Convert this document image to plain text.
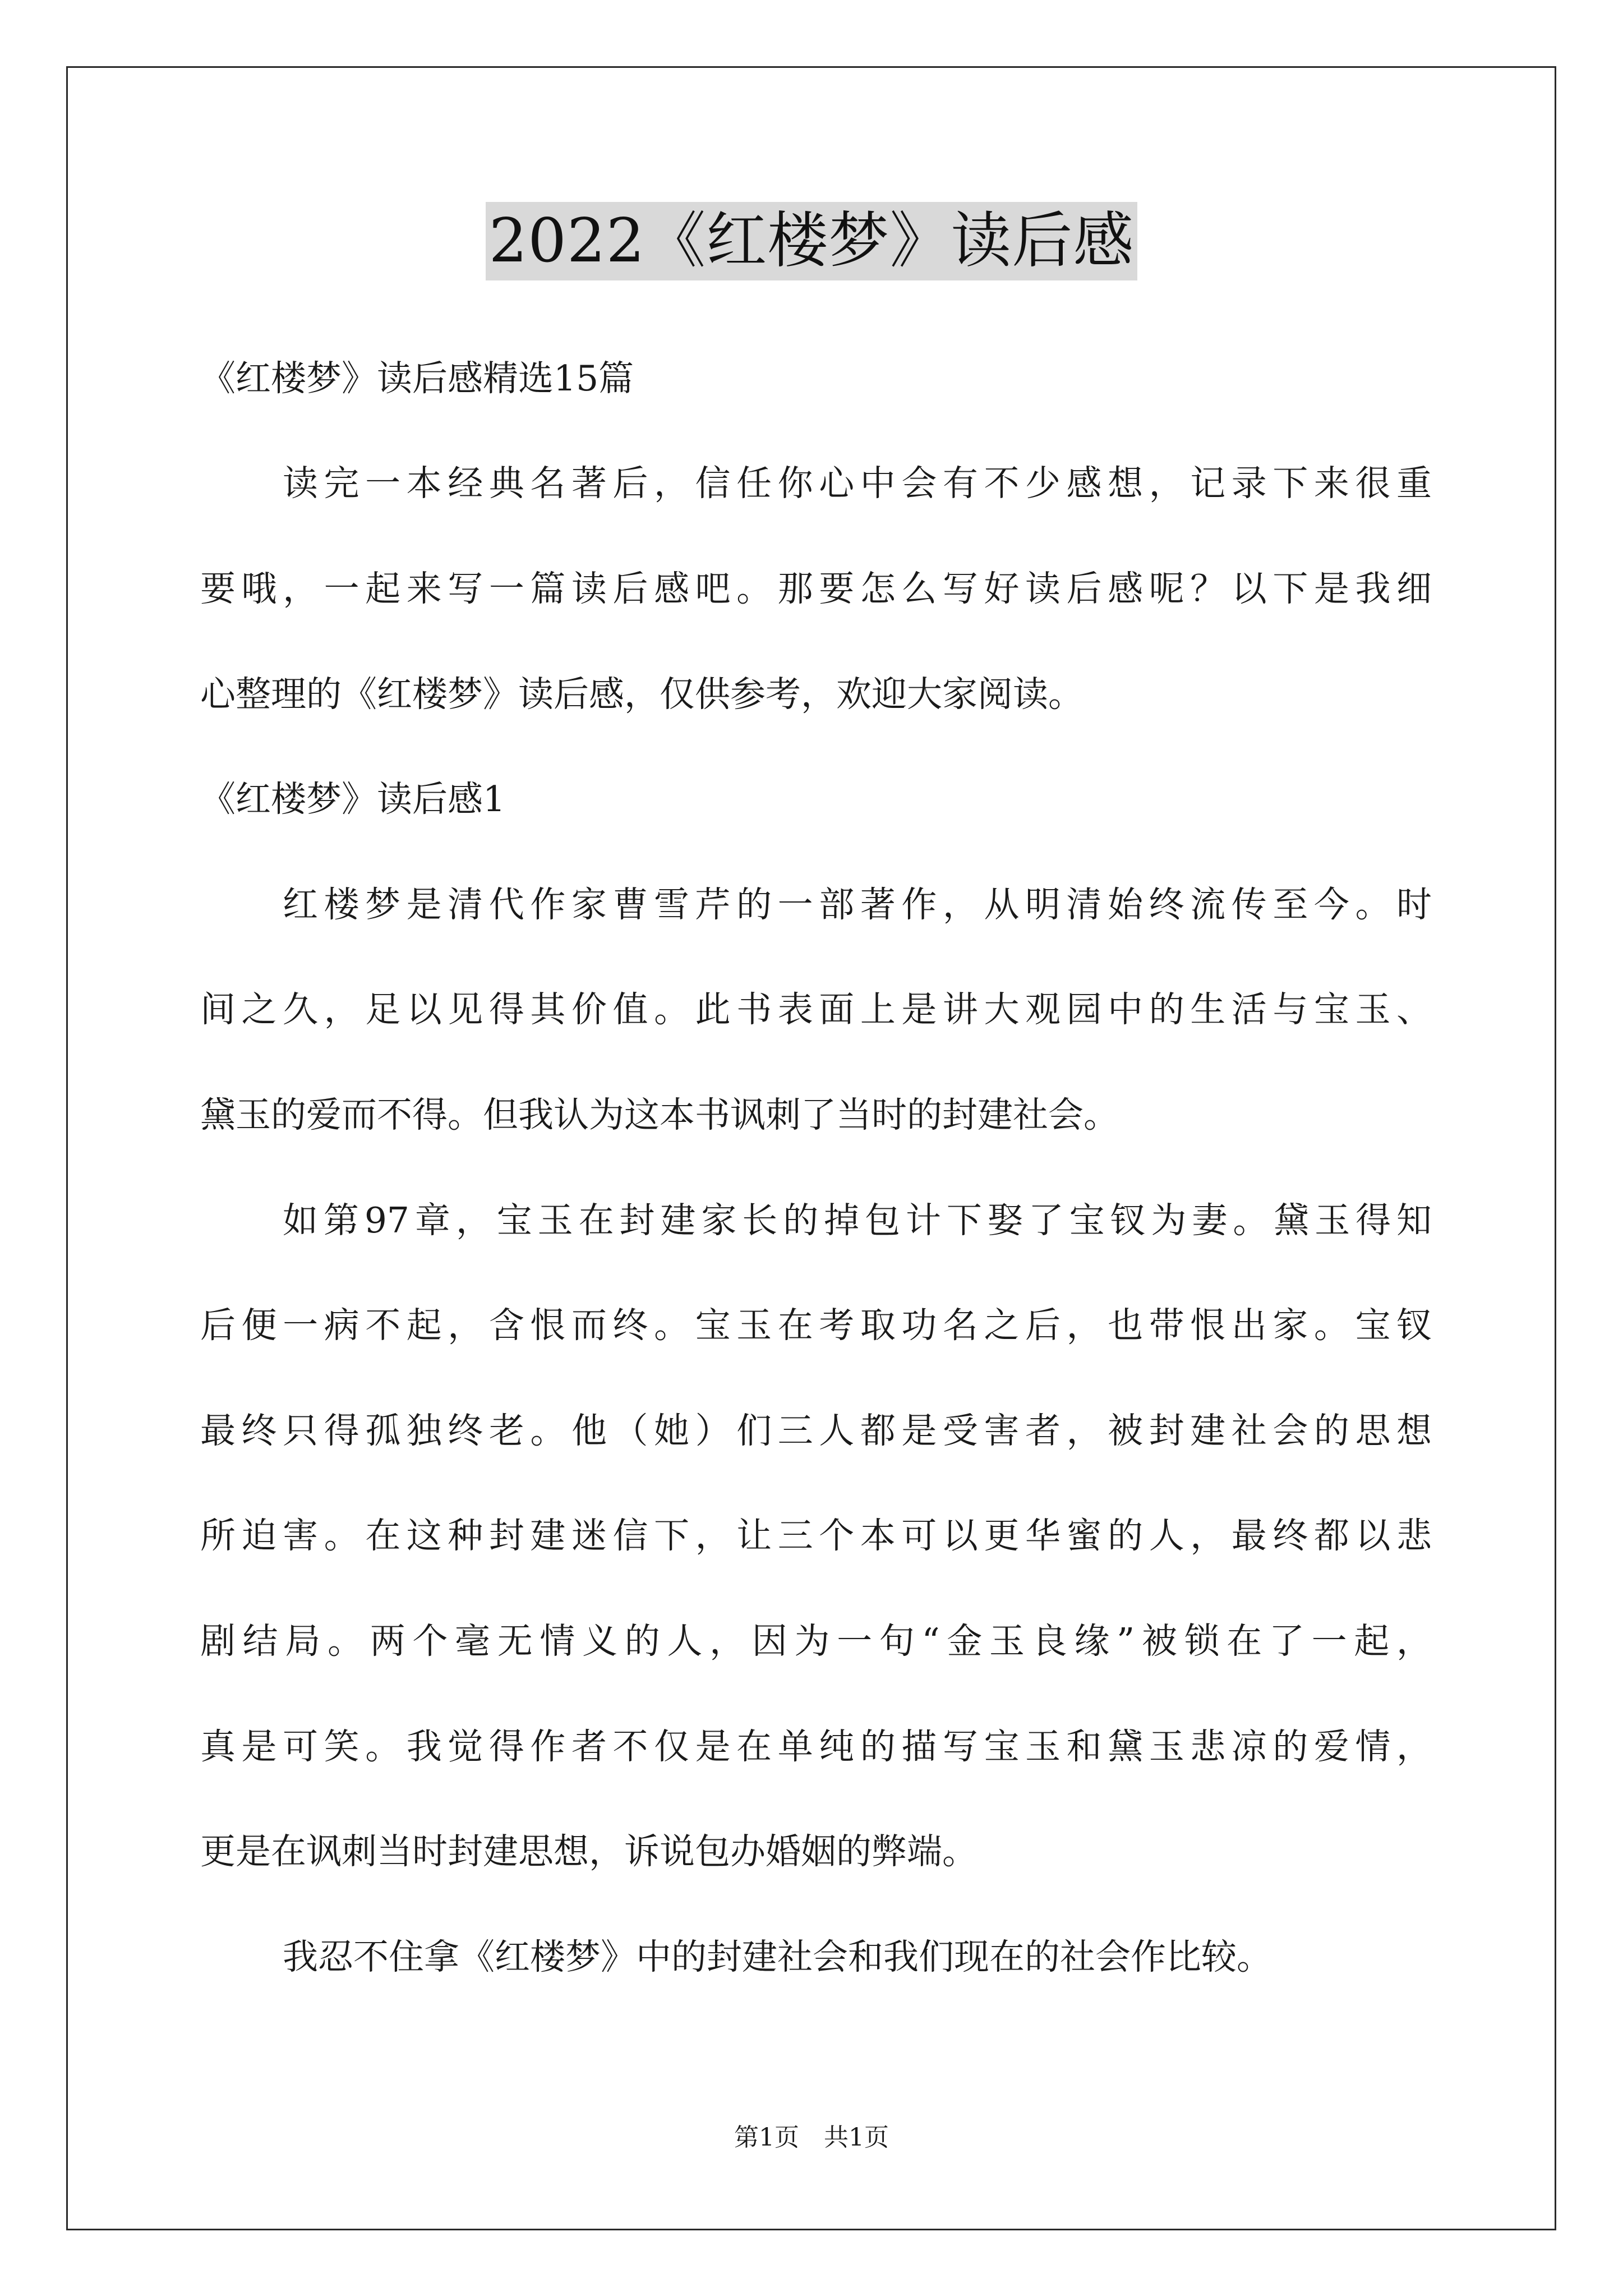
2022《红楼梦》读后感
《红楼梦》读后感精选15篇
读完一本经典名著后，信任你心中会有不少感想，记录下来很重
要哦，一起来写一篇读后感吧。那要怎么写好读后感呢？以下是我细
心整理的《红楼梦》读后感，仅供参考，欢迎大家阅读。
《红楼梦》读后感1
红楼梦是清代作家曹雪芹的一部著作，从明清始终流传至今。时
间之久，足以见得其价值。此书表面上是讲大观园中的生活与宝玉、
黛玉的爱而不得。但我认为这本书讽刺了当时的封建社会。
如第97章，宝玉在封建家长的掉包计下娶了宝钗为妻。黛玉得知
后便一病不起，含恨而终。宝玉在考取功名之后，也带恨出家。宝钗
最终只得孤独终老。他（她）们三人都是受害者，被封建社会的思想
所迫害。在这种封建迷信下，让三个本可以更华蜜的人，最终都以悲
剧结局。两个毫无情义的人，因为一句“金玉良缘”被锁在了一起，
真是可笑。我觉得作者不仅是在单纯的描写宝玉和黛玉悲凉的爱情，
更是在讽刺当时封建思想，诉说包办婚姻的弊端。
我忍不住拿《红楼梦》中的封建社会和我们现在的社会作比较。
第1页　共1页
